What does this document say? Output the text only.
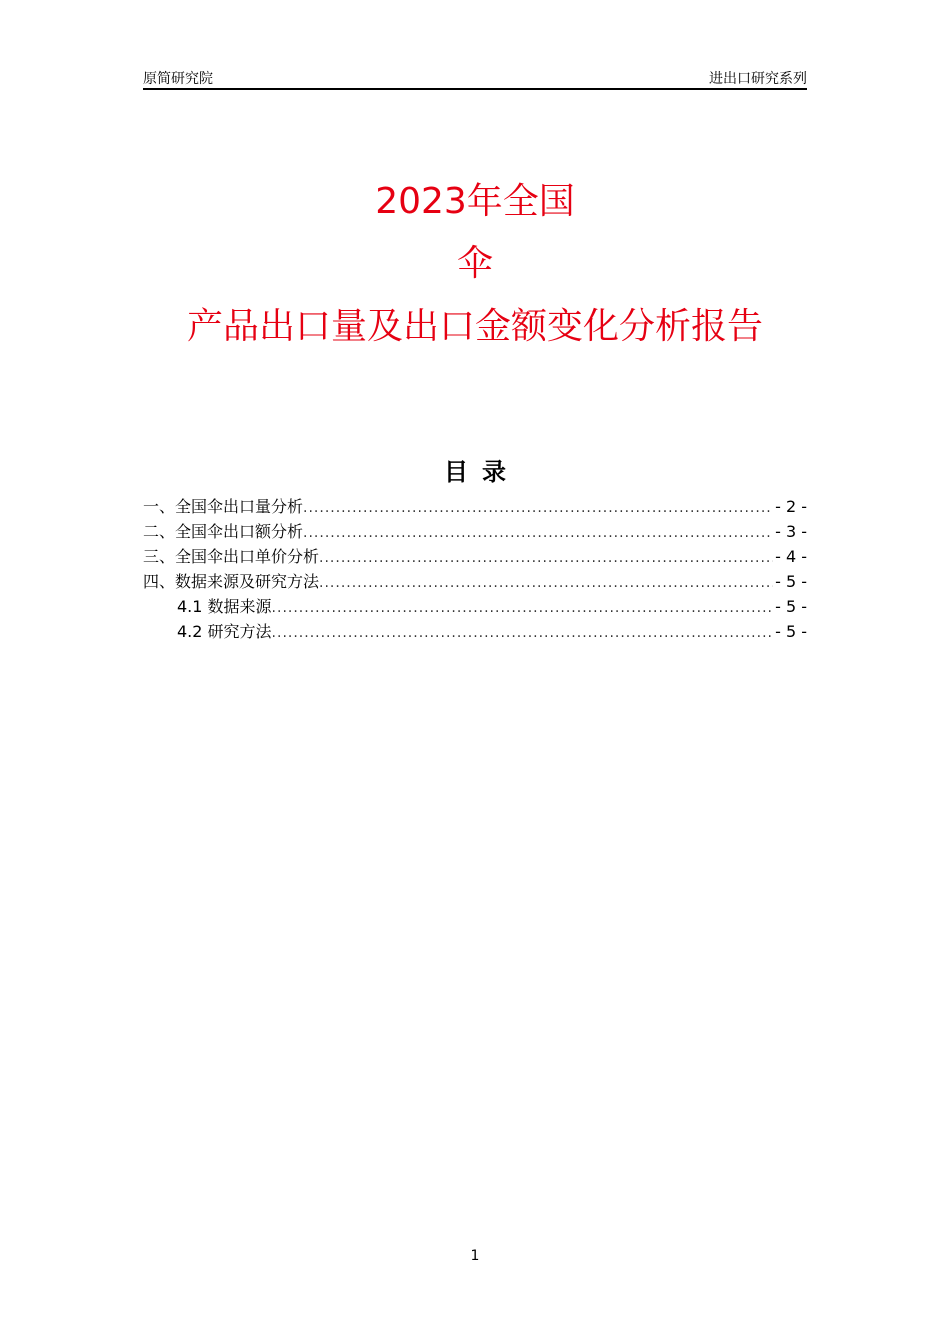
原简研究院	进出口研究系列
2023年全国
伞
产品出口量及出口金额变化分析报告
目录
一、全国伞出口量分析 .....	- 2 -
二、全国伞出口额分析 .....	- 3 -
三、全国伞出口单价分析 .....	- 4 -
四、数据来源及研究方法 .....	- 5 -
4.1 数据来源 .....	- 5 -
4.2 研究方法 .....	- 5 -
1
